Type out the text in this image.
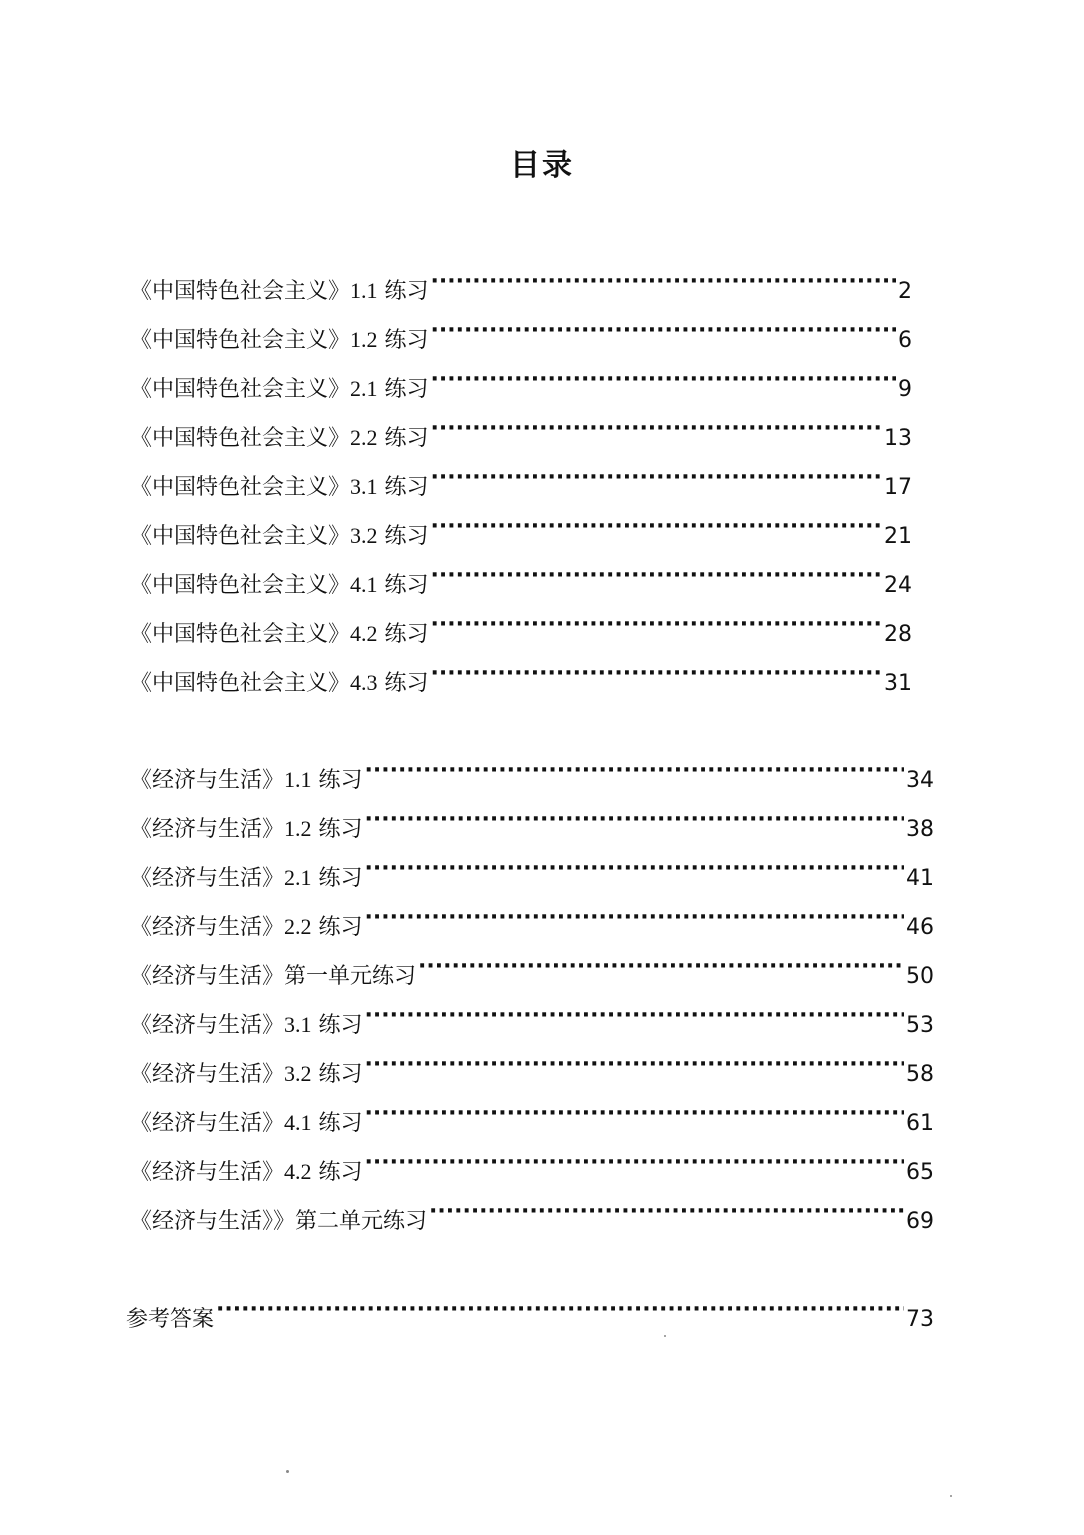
目录
《中国特色社会主义》1.1 练习 ·····	2
《中国特色社会主义》1.2 练习 ·····	6
《中国特色社会主义》2.1 练习 ·····	9
《中国特色社会主义》2.2 练习 ·····	13
《中国特色社会主义》3.1 练习 ·····	17
《中国特色社会主义》3.2 练习 ·····	21
《中国特色社会主义》4.1 练习 ·····	24
《中国特色社会主义》4.2 练习 ·····	28
《中国特色社会主义》4.3 练习 ·····	31
《经济与生活》1.1 练习 ·····	34
《经济与生活》1.2 练习 ·····	38
《经济与生活》2.1 练习 ·····	41
《经济与生活》2.2 练习 ·····	46
《经济与生活》第一单元练习 ·····	50
《经济与生活》3.1 练习 ·····	53
《经济与生活》3.2 练习 ·····	58
《经济与生活》4.1 练习 ·····	61
《经济与生活》4.2 练习 ·····	65
《经济与生活》》第二单元练习 ·····	69
参考答案 ·····	73
